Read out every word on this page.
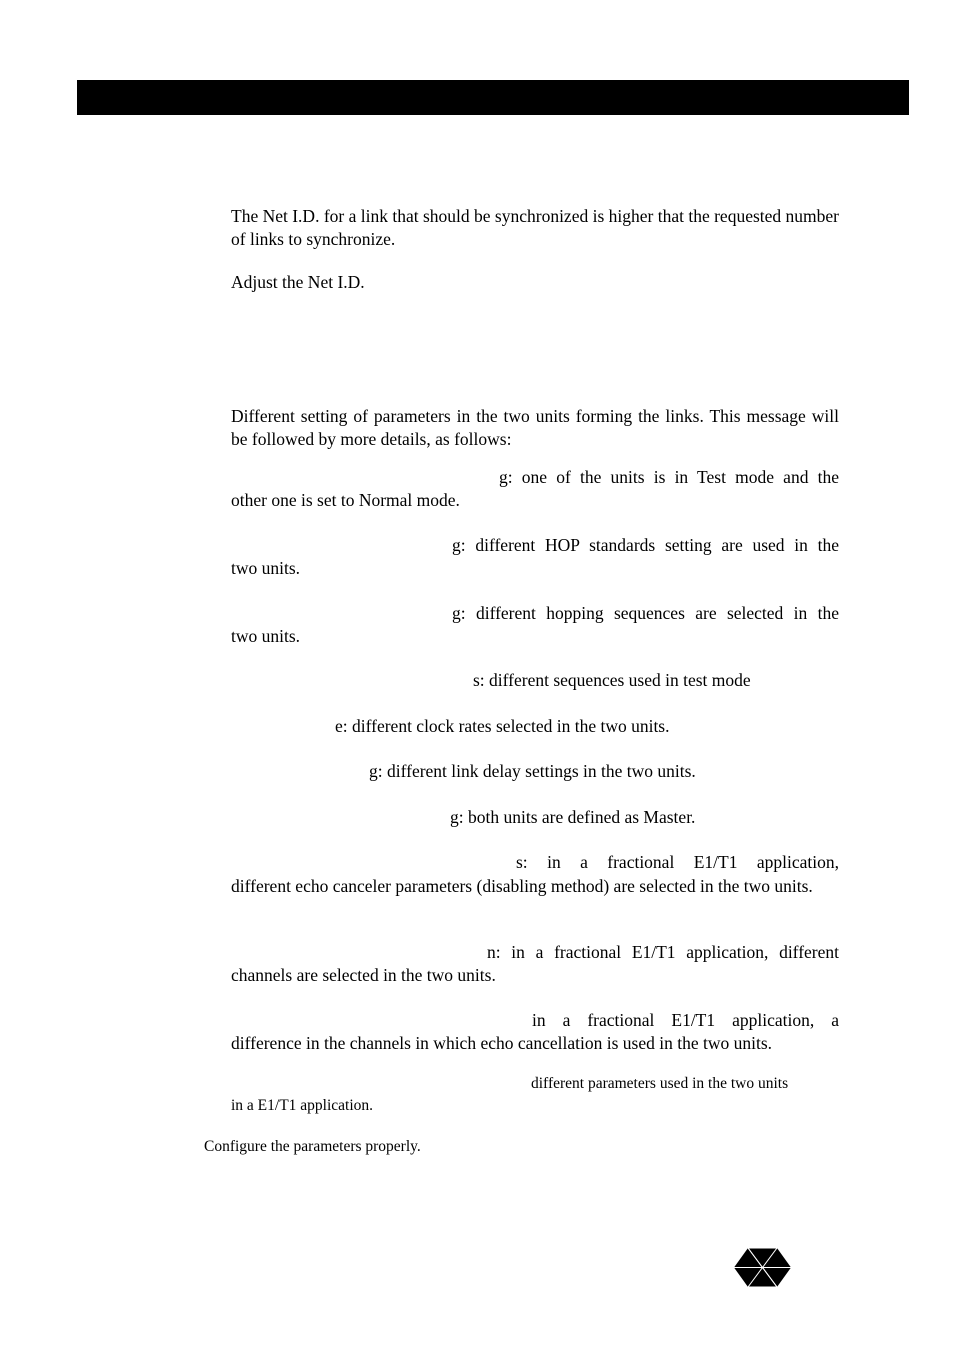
The Net I.D. for a link that should be synchronized is higher that the requested number of links to synchronize.

Adjust the Net I.D.

Different setting of parameters in the two units forming the links. This message will be followed by more details, as follows:

g: one of the units is in Test mode and the

other one is set to Normal mode.

g: different HOP standards setting are used in the

two units.

g: different hopping sequences are selected in the

two units.

s: different sequences used in test mode

e: different clock rates selected in the two units.

g: different link delay settings in the two units.

g: both units are defined as Master.

s: in a fractional E1/T1 application,

different echo canceler parameters (disabling method) are selected in the two units.

n: in a fractional E1/T1 application, different

channels are selected in the two units.

in a fractional E1/T1 application, a

difference in the channels in which echo cancellation is used in the two units.

different parameters used in the two units

in a E1/T1 application.

Configure the parameters properly.
